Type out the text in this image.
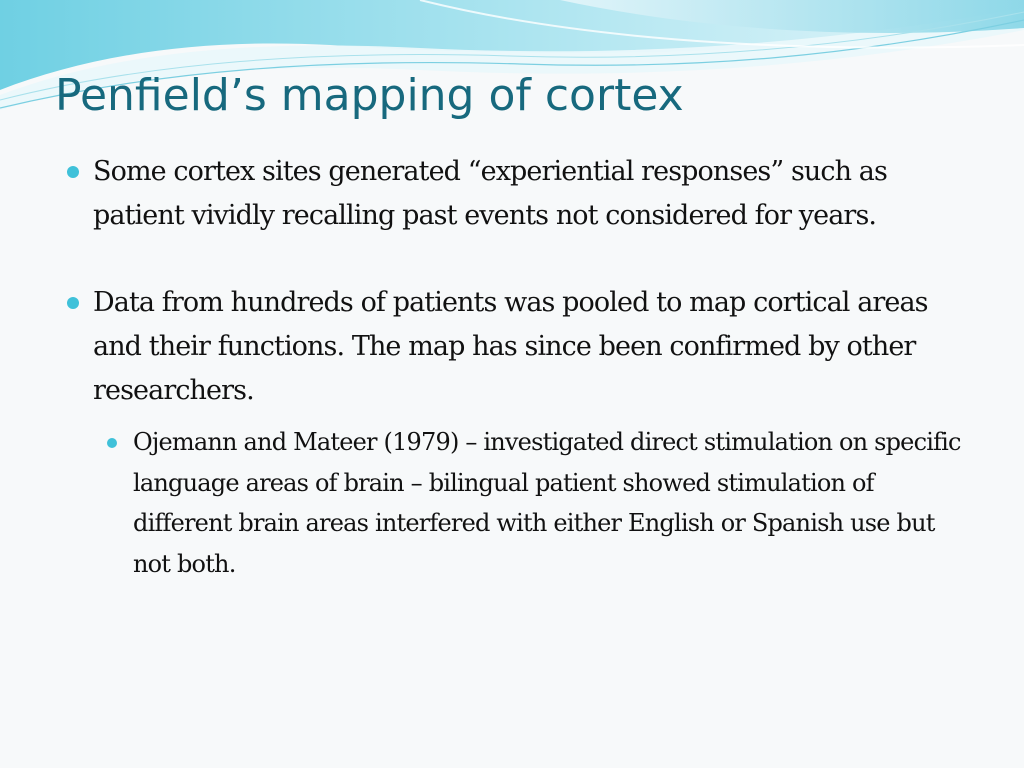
Penfield’s mapping of cortex
Some cortex sites generated “experiential responses” such as patient vividly recalling past events not considered for years.
Data from hundreds of patients was pooled to map cortical areas and their functions. The map has since been confirmed by other researchers.
Ojemann and Mateer (1979) – investigated direct stimulation on specific language areas of brain – bilingual patient showed stimulation of different brain areas interfered with either English or Spanish use but not both.
